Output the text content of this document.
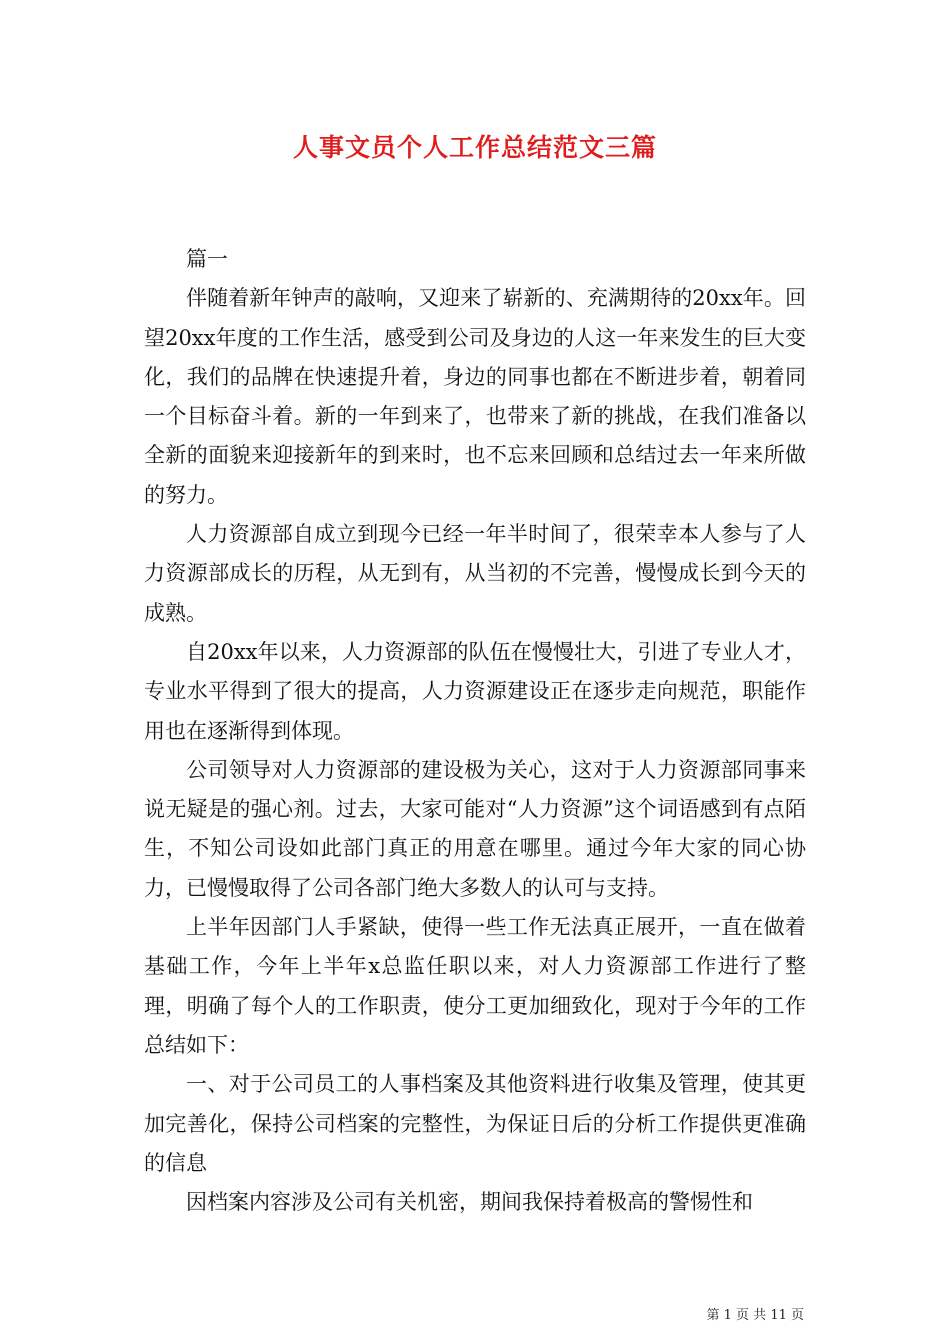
人事文员个人工作总结范文三篇

篇一

伴随着新年钟声的敲响，又迎来了崭新的、充满期待的20xx年。回望20xx年度的工作生活，感受到公司及身边的人这一年来发生的巨大变化，我们的品牌在快速提升着，身边的同事也都在不断进步着，朝着同一个目标奋斗着。新的一年到来了，也带来了新的挑战，在我们准备以全新的面貌来迎接新年的到来时，也不忘来回顾和总结过去一年来所做的努力。

人力资源部自成立到现今已经一年半时间了，很荣幸本人参与了人力资源部成长的历程，从无到有，从当初的不完善，慢慢成长到今天的成熟。

自20xx年以来，人力资源部的队伍在慢慢壮大，引进了专业人才，专业水平得到了很大的提高，人力资源建设正在逐步走向规范，职能作用也在逐渐得到体现。

公司领导对人力资源部的建设极为关心，这对于人力资源部同事来说无疑是的强心剂。过去，大家可能对“人力资源”这个词语感到有点陌生，不知公司设如此部门真正的用意在哪里。通过今年大家的同心协力，已慢慢取得了公司各部门绝大多数人的认可与支持。

上半年因部门人手紧缺，使得一些工作无法真正展开，一直在做着基础工作，今年上半年x总监任职以来，对人力资源部工作进行了整理，明确了每个人的工作职责，使分工更加细致化，现对于今年的工作总结如下：

一、对于公司员工的人事档案及其他资料进行收集及管理，使其更加完善化，保持公司档案的完整性，为保证日后的分析工作提供更准确的信息

因档案内容涉及公司有关机密，期间我保持着极高的警惕性和

第 1 页 共 11 页
